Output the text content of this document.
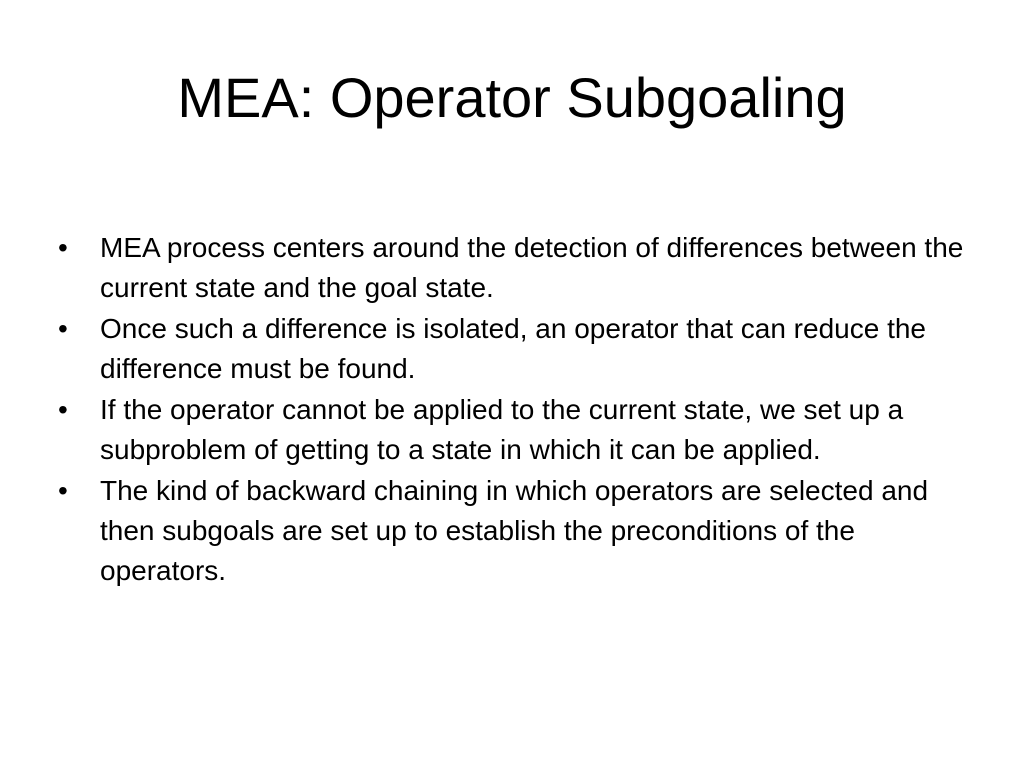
MEA: Operator Subgoaling
•	MEA process centers around the detection of differences between the current state and the goal state.
•	Once such a difference is isolated, an operator that can reduce the difference must be found.
•	If the operator cannot be applied to the current state, we set up a subproblem of getting to a state in which it can be applied.
•	The kind of backward chaining in which operators are selected and then subgoals are set up to establish the preconditions of the operators.
